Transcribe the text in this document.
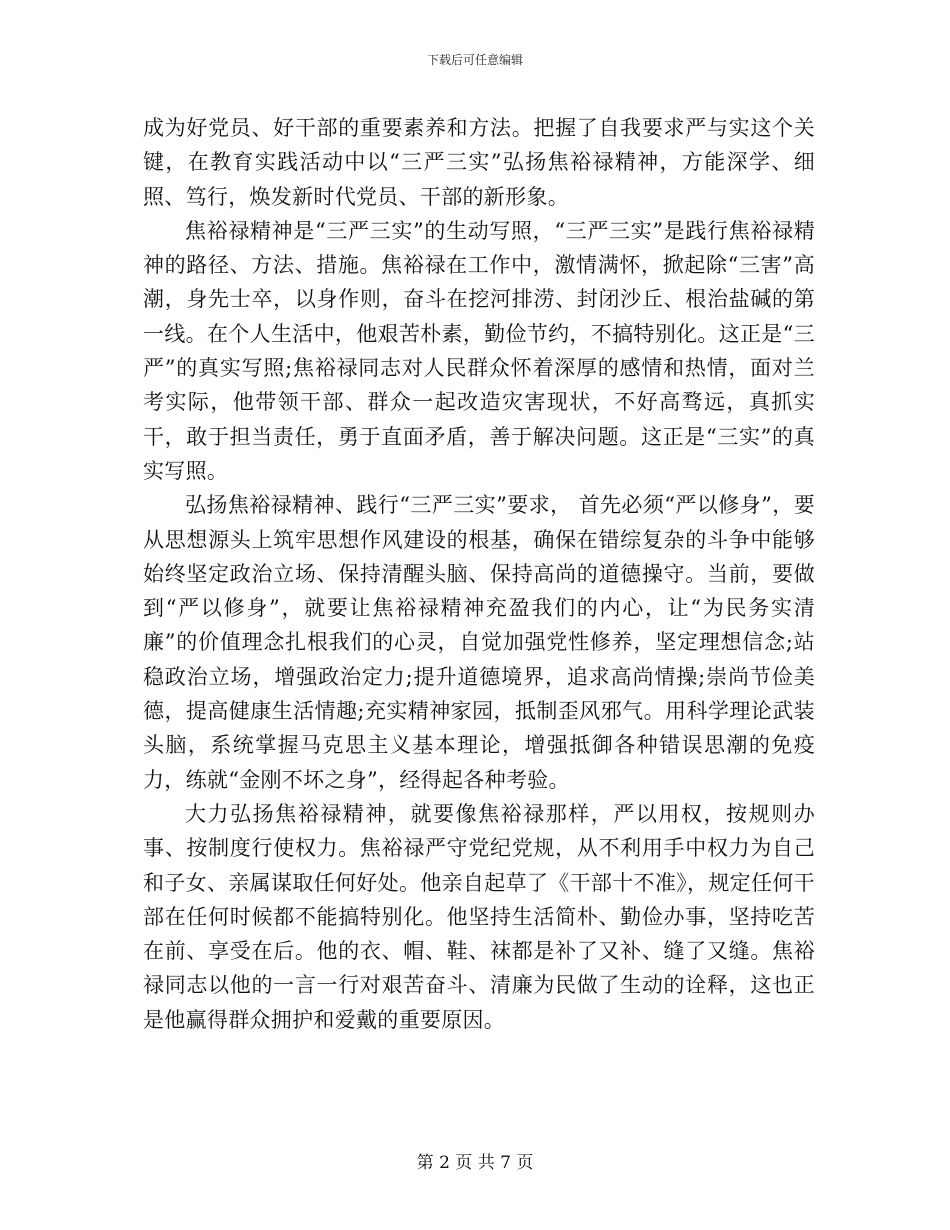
下载后可任意编辑

成为好党员、好干部的重要素养和方法。把握了自我要求严与实这个关键，在教育实践活动中以“三严三实”弘扬焦裕禄精神，方能深学、细照、笃行，焕发新时代党员、干部的新形象。

焦裕禄精神是“三严三实”的生动写照，“三严三实”是践行焦裕禄精神的路径、方法、措施。焦裕禄在工作中，激情满怀，掀起除“三害”高潮，身先士卒，以身作则，奋斗在挖河排涝、封闭沙丘、根治盐碱的第一线。在个人生活中，他艰苦朴素，勤俭节约，不搞特别化。这正是“三严”的真实写照;焦裕禄同志对人民群众怀着深厚的感情和热情，面对兰考实际，他带领干部、群众一起改造灾害现状，不好高骛远，真抓实干，敢于担当责任，勇于直面矛盾，善于解决问题。这正是“三实”的真实写照。

弘扬焦裕禄精神、践行“三严三实”要求， 首先必须“严以修身”，要从思想源头上筑牢思想作风建设的根基，确保在错综复杂的斗争中能够始终坚定政治立场、保持清醒头脑、保持高尚的道德操守。当前，要做到“严以修身”，就要让焦裕禄精神充盈我们的内心，让“为民务实清廉”的价值理念扎根我们的心灵，自觉加强党性修养，坚定理想信念;站稳政治立场，增强政治定力;提升道德境界，追求高尚情操;崇尚节俭美德，提高健康生活情趣;充实精神家园，抵制歪风邪气。用科学理论武装头脑，系统掌握马克思主义基本理论，增强抵御各种错误思潮的免疫力，练就“金刚不坏之身”，经得起各种考验。

大力弘扬焦裕禄精神，就要像焦裕禄那样，严以用权，按规则办事、按制度行使权力。焦裕禄严守党纪党规，从不利用手中权力为自己和子女、亲属谋取任何好处。他亲自起草了《干部十不准》，规定任何干部在任何时候都不能搞特别化。他坚持生活简朴、勤俭办事，坚持吃苦在前、享受在后。他的衣、帽、鞋、袜都是补了又补、缝了又缝。焦裕禄同志以他的一言一行对艰苦奋斗、清廉为民做了生动的诠释，这也正是他赢得群众拥护和爱戴的重要原因。

第 2 页 共 7 页
